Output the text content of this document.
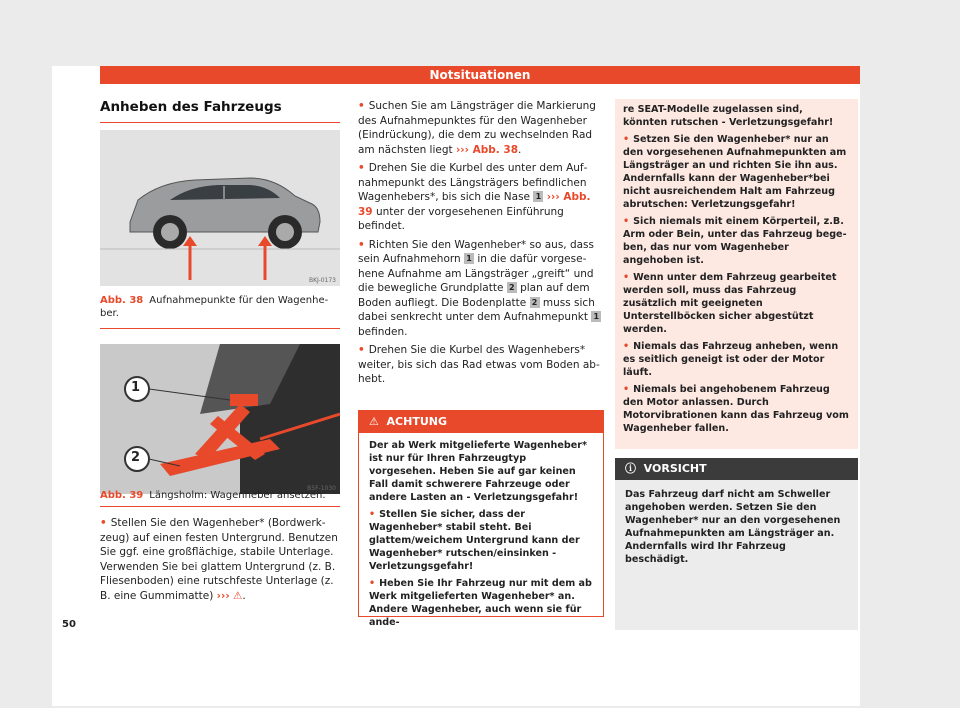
Notsituationen
Anheben des Fahrzeugs
BKJ-0173
Abb. 38 Aufnahmepunkte für den Wagenheber.
1
2
B5F-1030
Abb. 39 Längsholm: Wagenheber ansetzen.

• Stellen Sie den Wagenheber* (Bordwerkzeug) auf einen festen Untergrund. Benutzen Sie ggf. eine großflächige, stabile Unterlage. Verwenden Sie bei glattem Untergrund (z. B. Fliesenboden) eine rutschfeste Unterlage (z. B. eine Gummimatte) ››› ⚠.

50

• Suchen Sie am Längsträger die Markierung des Aufnahmepunktes für den Wagenheber (Eindrückung), die dem zu wechselnden Rad am nächsten liegt ››› Abb. 38.

• Drehen Sie die Kurbel des unter dem Aufnahmepunkt des Längsträgers befindlichen Wagenhebers*, bis sich die Nase 1 ››› Abb. 39 unter der vorgesehenen Einführung befindet.

• Richten Sie den Wagenheber* so aus, dass sein Aufnahmehorn 1 in die dafür vorgesehene Aufnahme am Längsträger „greift“ und die bewegliche Grundplatte 2 plan auf dem Boden aufliegt. Die Bodenplatte 2 muss sich dabei senkrecht unter dem Aufnahmepunkt 1 befinden.

• Drehen Sie die Kurbel des Wagenhebers* weiter, bis sich das Rad etwas vom Boden abhebt.

⚠ ACHTUNG

Der ab Werk mitgelieferte Wagenheber* ist nur für Ihren Fahrzeugtyp vorgesehen. Heben Sie auf gar keinen Fall damit schwerere Fahrzeuge oder andere Lasten an - Verletzungsgefahr!

• Stellen Sie sicher, dass der Wagenheber* stabil steht. Bei glattem/weichem Untergrund kann der Wagenheber* rutschen/einsinken - Verletzungsgefahr!

• Heben Sie Ihr Fahrzeug nur mit dem ab Werk mitgelieferten Wagenheber* an. Andere Wagenheber, auch wenn sie für ande-

re SEAT-Modelle zugelassen sind, könnten rutschen - Verletzungsgefahr!

• Setzen Sie den Wagenheber* nur an den vorgesehenen Aufnahmepunkten am Längsträger an und richten Sie ihn aus. Andernfalls kann der Wagenheber*bei nicht ausreichendem Halt am Fahrzeug abrutschen: Verletzungsgefahr!

• Sich niemals mit einem Körperteil, z.B. Arm oder Bein, unter das Fahrzeug begeben, das nur vom Wagenheber angehoben ist.

• Wenn unter dem Fahrzeug gearbeitet werden soll, muss das Fahrzeug zusätzlich mit geeigneten Unterstellböcken sicher abgestützt werden.

• Niemals das Fahrzeug anheben, wenn es seitlich geneigt ist oder der Motor läuft.

• Niemals bei angehobenem Fahrzeug den Motor anlassen. Durch Motorvibrationen kann das Fahrzeug vom Wagenheber fallen.

ⓘ VORSICHT
Das Fahrzeug darf nicht am Schweller angehoben werden. Setzen Sie den Wagenheber* nur an den vorgesehenen Aufnahmepunkten am Längsträger an. Andernfalls wird Ihr Fahrzeug beschädigt.
